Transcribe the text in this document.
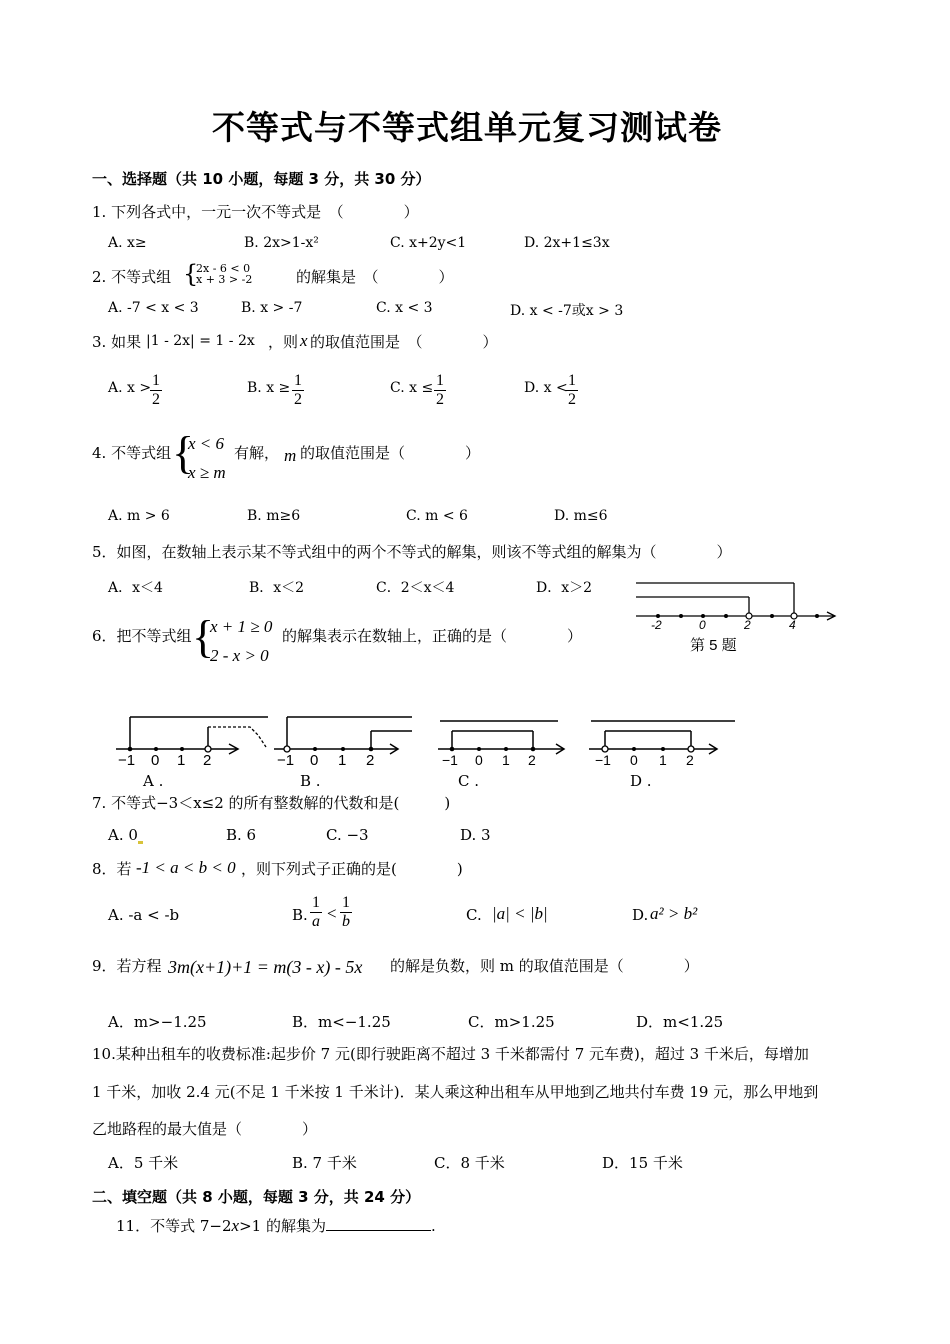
不等式与不等式组单元复习测试卷
一、选择题（共 10 小题，每题 3 分，共 30 分）
1. 下列各式中，一元一次不等式是　（　　　　）
A. x≥	B. 2x>1-x²	C. x+2y<1	D. 2x+1≤3x
2. 不等式组 {
2x - 6 < 0
x + 3 > -2	的解集是　（　　　　）
A. -7 < x < 3	B. x > -7	C. x < 3	D. x < -7或x > 3
3. 如果 |1 - 2x| = 1 - 2x ，则 x 的取值范围是　（　　　　）
A. x >
$\frac{1}{2}$	B. $x \ge \frac{1}{2}$	C. $x \le \frac{1}{2}$	D. x <
$\frac{1}{2}$
4. 不等式组 {
x < 6
x ≥ m
有解， m 的取值范围是（　　　　）
A. m > 6	B. m≥6	C. m < 6	D. m≤6
5．如图，在数轴上表示某不等式组中的两个不等式的解集，则该不等式组的解集为（　　　　）
A．x＜4	B．x＜2	C．2＜x＜4	D．x＞2
-2	0	2	4
第 5 题
6．把不等式组 {
x + 1 ≥ 0
2 - x > 0
的解集表示在数轴上，正确的是（　　　　）
−1 0 1 2
A .
−1 0 1 2
B .
−1 0 1 2
C .
−1 0 1 2
D .
7. 不等式−3＜x≤2 的所有整数解的代数和是(　　　)
A. 0	B. 6	C. −3	D. 3
8．若 -1 < a < b < 0 ，则下列式子正确的是(　　　　)
A. -a < -b	B. $\frac{1}{a} < \frac{1}{b}$	C. |a| < |b|	D. a² > b²
9．若方程 3m(x+1)+1 = m(3 - x) - 5x 的解是负数，则 m 的取值范围是（　　　　）
A．m>−1.25	B．m<−1.25	C．m>1.25	D．m<1.25
10.某种出租车的收费标准:起步价 7 元(即行驶距离不超过 3 千米都需付 7 元车费)，超过 3 千米后，每增加
1 千米，加收 2.4 元(不足 1 千米按 1 千米计)．某人乘这种出租车从甲地到乙地共付车费 19 元，那么甲地到
乙地路程的最大值是（　　　　）
A．5 千米	B. 7 千米	C．8 千米	D．15 千米
二、填空题（共 8 小题，每题 3 分，共 24 分）
11．不等式 7−2x>1 的解集为	.
